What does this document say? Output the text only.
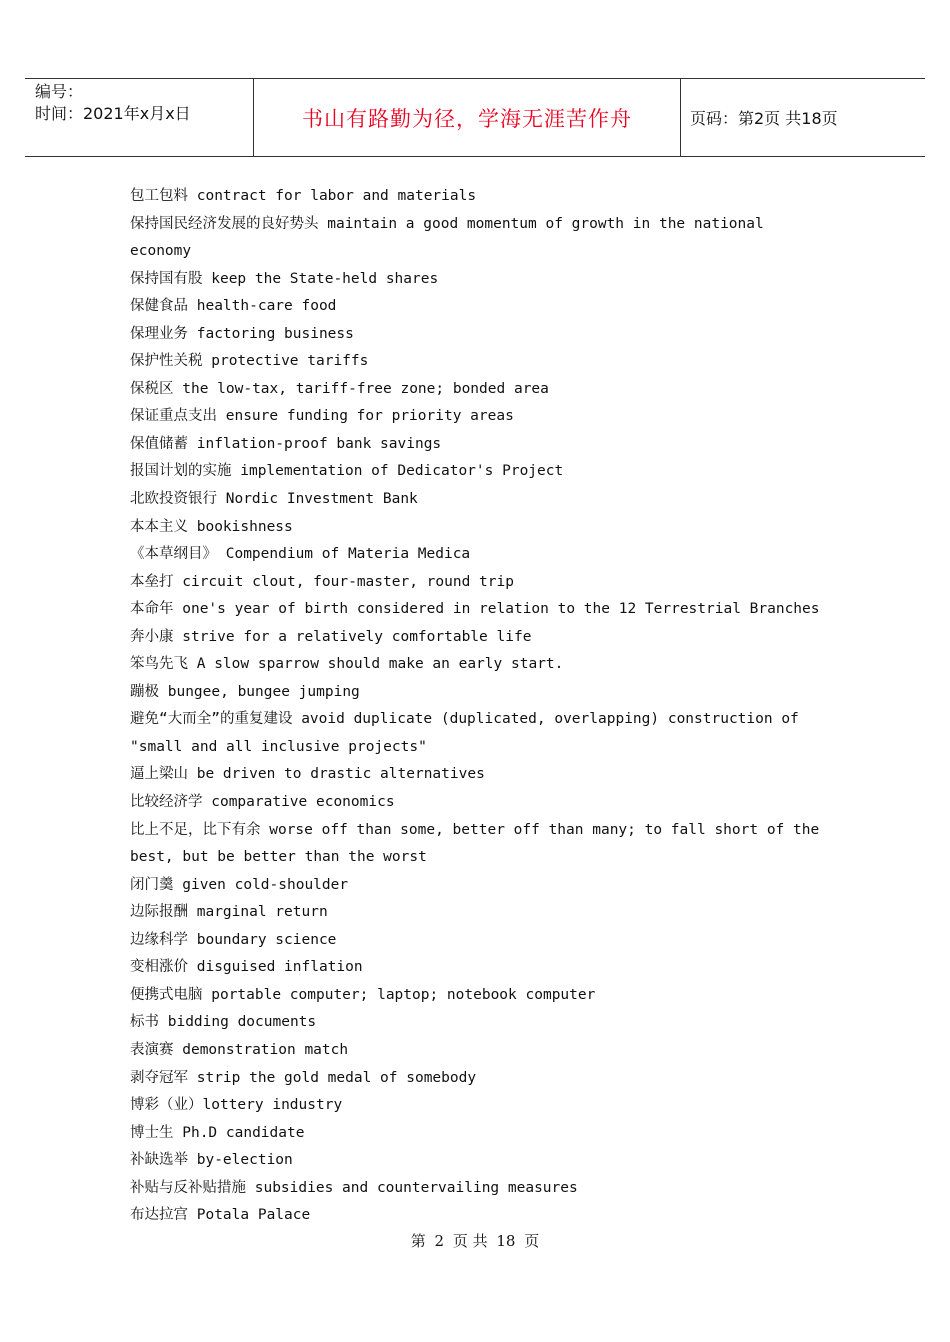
编号：
时间：2021年x月x日	书山有路勤为径，学海无涯苦作舟	页码：第2页 共18页
包工包料 contract for labor and materials
保持国民经济发展的良好势头 maintain a good momentum of growth in the national
economy
保持国有股 keep the State-held shares
保健食品 health-care food
保理业务 factoring business
保护性关税 protective tariffs
保税区 the low-tax, tariff-free zone; bonded area
保证重点支出 ensure funding for priority areas
保值储蓄 inflation-proof bank savings
报国计划的实施 implementation of Dedicator's Project
北欧投资银行 Nordic Investment Bank
本本主义 bookishness
《本草纲目》 Compendium of Materia Medica
本垒打 circuit clout, four-master, round trip
本命年 one's year of birth considered in relation to the 12 Terrestrial Branches
奔小康 strive for a relatively comfortable life
笨鸟先飞 A slow sparrow should make an early start.
蹦极 bungee, bungee jumping
避免“大而全”的重复建设 avoid duplicate (duplicated, overlapping) construction of
"small and all inclusive projects"
逼上梁山 be driven to drastic alternatives
比较经济学 comparative economics
比上不足，比下有余 worse off than some, better off than many; to fall short of the
best, but be better than the worst
闭门羹 given cold-shoulder
边际报酬 marginal return
边缘科学 boundary science
变相涨价 disguised inflation
便携式电脑 portable computer; laptop; notebook computer
标书 bidding documents
表演赛 demonstration match
剥夺冠军 strip the gold medal of somebody
博彩（业）lottery industry
博士生 Ph.D candidate
补缺选举 by-election
补贴与反补贴措施 subsidies and countervailing measures
布达拉宫 Potala Palace
第 2 页 共 18 页
